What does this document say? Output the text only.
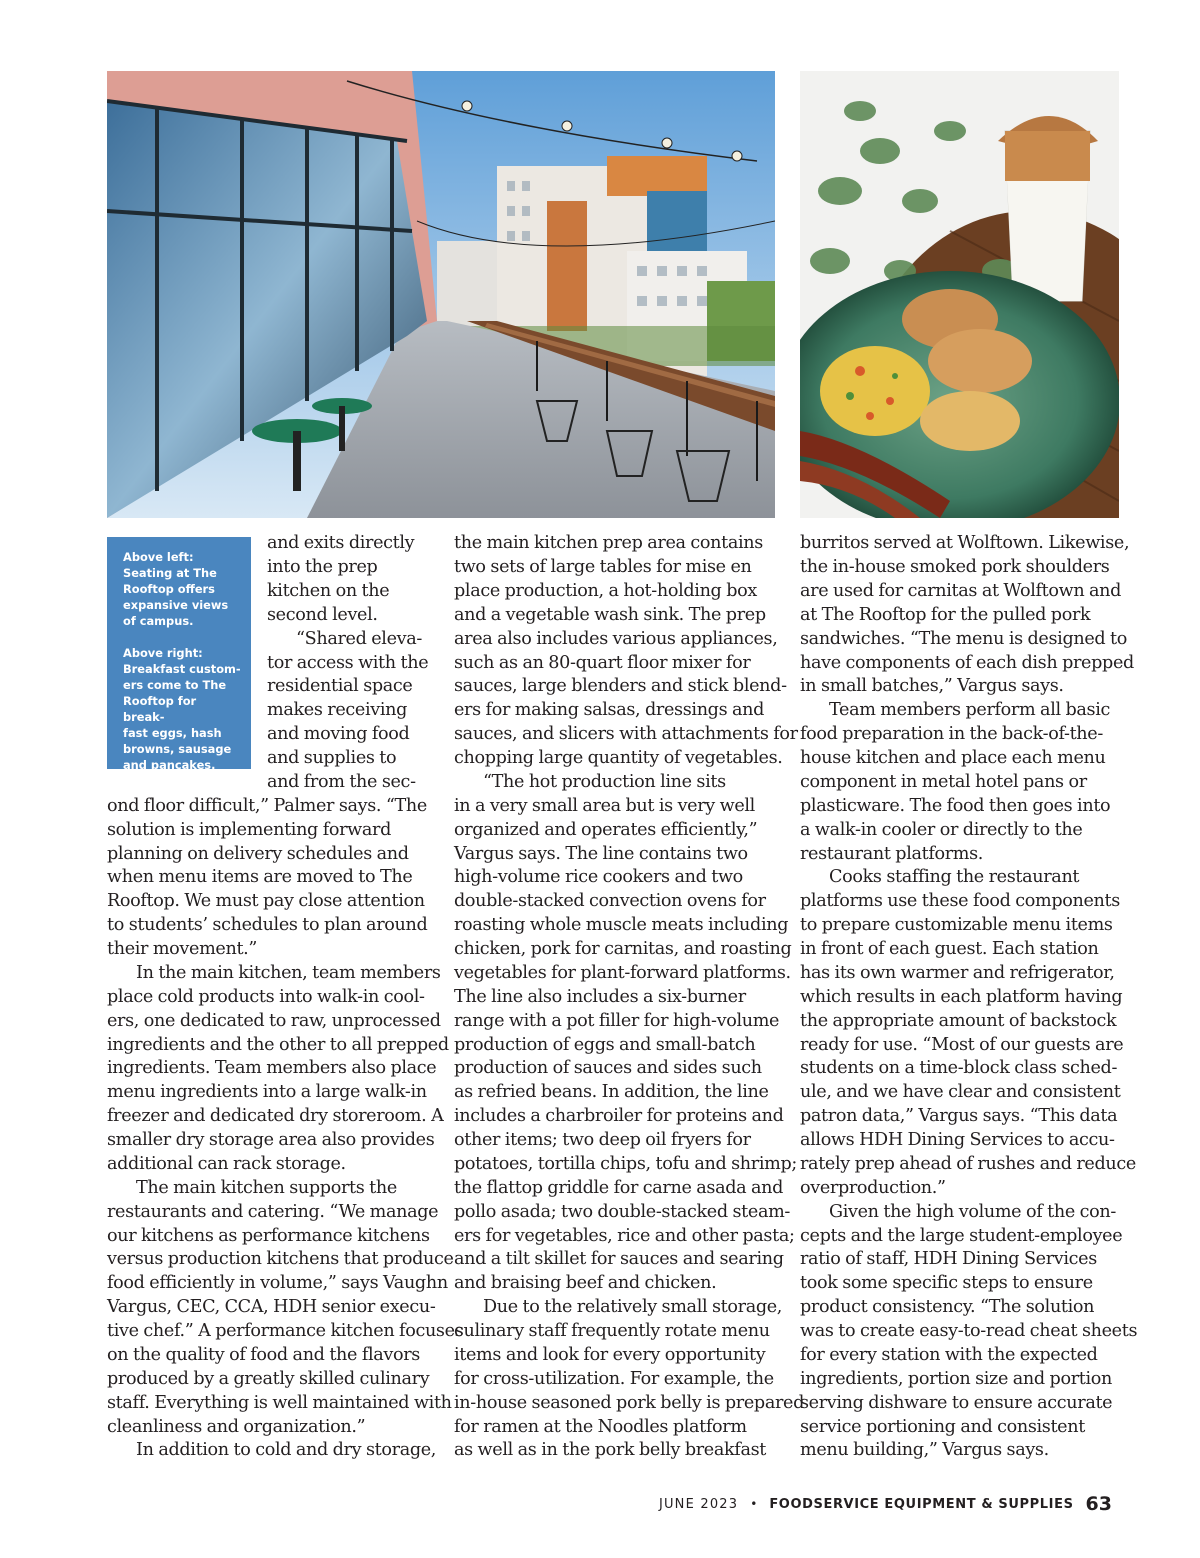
Above left:
Seating at The
Rooftop offers
expansive views
of campus.

Above right:
Breakfast custom-
ers come to The
Rooftop for break-
fast eggs, hash
browns, sausage
and pancakes.

and exits directly
into the prep
kitchen on the
second level.
“Shared eleva-
tor access with the
residential space
makes receiving
and moving food
and supplies to
and from the sec-
ond floor difficult,” Palmer says. “The
solution is implementing forward
planning on delivery schedules and
when menu items are moved to The
Rooftop. We must pay close attention
to students’ schedules to plan around
their movement.”
In the main kitchen, team members
place cold products into walk-in cool-
ers, one dedicated to raw, unprocessed
ingredients and the other to all prepped
ingredients. Team members also place
menu ingredients into a large walk-in
freezer and dedicated dry storeroom. A
smaller dry storage area also provides
additional can rack storage.
The main kitchen supports the
restaurants and catering. “We manage
our kitchens as performance kitchens
versus production kitchens that produce
food efficiently in volume,” says Vaughn
Vargus, CEC, CCA, HDH senior execu-
tive chef.” A performance kitchen focuses
on the quality of food and the flavors
produced by a greatly skilled culinary
staff. Everything is well maintained with
cleanliness and organization.”
In addition to cold and dry storage,
the main kitchen prep area contains
two sets of large tables for mise en
place production, a hot-holding box
and a vegetable wash sink. The prep
area also includes various appliances,
such as an 80-quart floor mixer for
sauces, large blenders and stick blend-
ers for making salsas, dressings and
sauces, and slicers with attachments for
chopping large quantity of vegetables.
“The hot production line sits
in a very small area but is very well
organized and operates efficiently,”
Vargus says. The line contains two
high-volume rice cookers and two
double-stacked convection ovens for
roasting whole muscle meats including
chicken, pork for carnitas, and roasting
vegetables for plant-forward platforms.
The line also includes a six-burner
range with a pot filler for high-volume
production of eggs and small-batch
production of sauces and sides such
as refried beans. In addition, the line
includes a charbroiler for proteins and
other items; two deep oil fryers for
potatoes, tortilla chips, tofu and shrimp;
the flattop griddle for carne asada and
pollo asada; two double-stacked steam-
ers for vegetables, rice and other pasta;
and a tilt skillet for sauces and searing
and braising beef and chicken.
Due to the relatively small storage,
culinary staff frequently rotate menu
items and look for every opportunity
for cross-utilization. For example, the
in-house seasoned pork belly is prepared
for ramen at the Noodles platform
as well as in the pork belly breakfast
burritos served at Wolftown. Likewise,
the in-house smoked pork shoulders
are used for carnitas at Wolftown and
at The Rooftop for the pulled pork
sandwiches. “The menu is designed to
have components of each dish prepped
in small batches,” Vargus says.
Team members perform all basic
food preparation in the back-of-the-
house kitchen and place each menu
component in metal hotel pans or
plasticware. The food then goes into
a walk-in cooler or directly to the
restaurant platforms.
Cooks staffing the restaurant
platforms use these food components
to prepare customizable menu items
in front of each guest. Each station
has its own warmer and refrigerator,
which results in each platform having
the appropriate amount of backstock
ready for use. “Most of our guests are
students on a time-block class sched-
ule, and we have clear and consistent
patron data,” Vargus says. “This data
allows HDH Dining Services to accu-
rately prep ahead of rushes and reduce
overproduction.”
Given the high volume of the con-
cepts and the large student-employee
ratio of staff, HDH Dining Services
took some specific steps to ensure
product consistency. “The solution
was to create easy-to-read cheat sheets
for every station with the expected
ingredients, portion size and portion
serving dishware to ensure accurate
service portioning and consistent
menu building,” Vargus says.
JUNE 2023 • FOODSERVICE EQUIPMENT & SUPPLIES 63
